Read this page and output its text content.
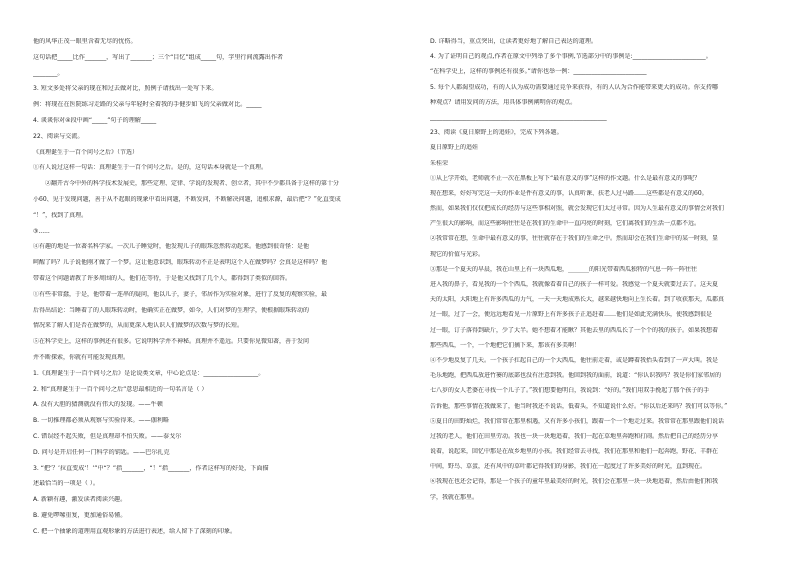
他的风华正茂一眼里含着无尽的忧伤。
这句话把_____比作_______，写出了_______；三个“目忆”组成_____句，字里行间流露出作者
________。
3. 短文多处将父亲的现在和过去做对比，照例子请找出一处写下来。
例：将现在在医院练习走路的父亲与年轻时全着我的手健步如飞的父亲做对比。_____
4. 谈谈你对④段中画“_____”句子的理解_____
22、阅读与交流。
《真理诞生于一百个问号之后》（节选）
①有人说过这样一句话：真理诞生于一百个问号之后。是的，这句话本身就是一个真理。
②翻开古今中外的科学技术发展史，那些定理、定律、学说的发现者、创立者，其中不少都具备于这样的第十分
小60、见于发现问题，善于从不起眼的现象中看出问题，不断发问，不断解决问题，追根求源，最后把“？”化直变成
“！”，找到了真理。
③......
④有趣的地是一位著名科学家。一次儿子睡觉时，他发现儿子的眼珠忽然转动起来。他感到很奇怪：是他
呵醒了吗？儿子说他刚才做了一个梦。这让他意识到，眼珠转动不正是表明这个人在做梦吗？会真是这样吗？他
带着这个问题请教了许多周围的人，他们在等待，于是他又找到了几个人，都得到了类似的回答。
①有些非常蠢，于是，他带着一连串的疑问，他以儿子，妻子，邻居作为实验对象，进行了反复的观察实验，最
后得出结论：当睡着了的人眼珠转动时，他确实正在做梦，如今，人们对梦的生理学，便根据眼珠转动的
情况来了解人们是否在做梦的，从而更深入地认识人们做梦的次数与梦的长短。
⑤在科学史上，这样的事例还有很多。它说明科学并不神秘。真理并不遥远。只要你见微知著，善于发问
并不断探索，你就有可能发现真理。
1.《真理诞生于一百个问号之后》是论说类文章，中心论点是：__________________。
2. 和“真理诞生于一百个问号之后”意思最相近的一句名言是（ ）
A. 没有大胆的猜测就没有伟大的发现。——牛顿
B. 一切推理都必须从观察与实验得来。——伽利略
C. 错误经不起失败，但是真理却不怕失败。——泰戈尔
D. 问号是开启任何一门科学的钥匙。——巴尔扎克
3. “把‘？’拉直变成‘！’”中“？”指_______，“！”指_______，作者这样写的好处，下面描
述最恰当的一项是（ ）。
A. 新颖有趣，激发读者阅读兴趣。
B. 避免啰嗦重复，更加通俗易懂。
C. 把一个抽象的道理用直观形象的方法进行表述，给人留下了深刻的印象。
D. 详略得当，重点突出，让读者更好地了解自己表达的道理。
4. 为了证明自己的观点,作者在原文中列举了多个事例,节选部分中的事例是:________________________。
“在科学史上，这样的事例还有很多。”请你也举一例：________________________
5. 每个人都渴望成功，有的人认为成功需要通过竞争来获得，有的人认为合作能带来更大的成功。你支持哪
种观点？请用发问的方法，用具体事例阐明你的观点。
__________________________________________________________
23、阅读《夏日原野上的追娃》，完成下列各题。
夏日原野上的追娃
朱桂荣
①从上学开始，老师就不止一次在黑板上写下“最有意义的事”这样的作文题。什么是最有意义的事呢？
现在想来，好好写完这一天的作业是件有意义的事，认真听课、扶老人过马路……这些都是有意义的60。
然而，如果我们仅仅把成长的经历与这些事相对照，就会发现它们太过寻常。因为人生最有意义的事情会对我们
产生很大的影响，而这些影响往往是在我们的生命中一直闪亮的时刻，它们离我们的生活一点都不远。
②我常常在想，生命中最有意义的事，往往就存在于我们的生命之中。然而却会在我们生命中的某一时刻，显
现它的价值与光彩。
③那是一个夏天的早晨，我在山里上有一块西瓜地，_______的阳光带着西瓜独特的气息一阵一阵往往
进入我的鼻子，看见我的一个个西瓜，我就像看着自己的孩子一样可爱。我感觉一个夏天就要过去了。这天夏
天的太阳，大阳地上有许多西瓜的力气，一天一天地成熟长大，越来越快地向上生长着。到了收获那天，瓜都真
过一眼，过了一会，便远远地看见一片原野上有许多孩子正追赶着……他们是如此充满快乐，使我感到很是
过一眼，订子落得到缺斤，少了大半。她不想着才能瞅？其他去里的西瓜长了一个个的我的孩子。如果我想着
那些西瓜，一个，一个地把它们摘下来，那该有多美啊！
④不少地反复了几天。一个孩子扛起自己的一个大西瓜，他往前走着，或是蹲着我抬头看到了一声大叫。我是
毛乐地跑，把西瓜放进竹篓的底部也没有注意到我。他回到我的面前，说道：“你认识我吗？我是你们家邻居的
七八岁的女人老婆在寻找一个儿子了。”我们想要他明白，我说到：“好的。”我们用双手挽起了那个孩子的手
告诉他，那些事情在我做来了，他当时我还不说话，低着头，不知道说什么好。“你以后还来吗？我们可以等你。”
⑤夏日的田野灿烂，我们常常在那里相遇，又有许多小孩们，跟着一个一个地走过来。我常常在那里跟他们说话
过我的老人，他们在田里劳动。我也一块一块地追着，我们一起在草地里奔跑和打闹。然后把自己的经历分享
说着，说起来，回忆中那是在故乡地里的小孩。我们经常去寻找，我们在那里和他们一起奔跑，野花、羊群在
中间，野鸟、草蛋，还有风中的草叶都记得我们的身影，我们在一起度过了许多美好的时光，直到现在。
⑥我现在也还会记得，那是一个孩子的童年里最美好的时光，我们会在那里一块一块地追着，然后由他们和我
学，我就在那里。
